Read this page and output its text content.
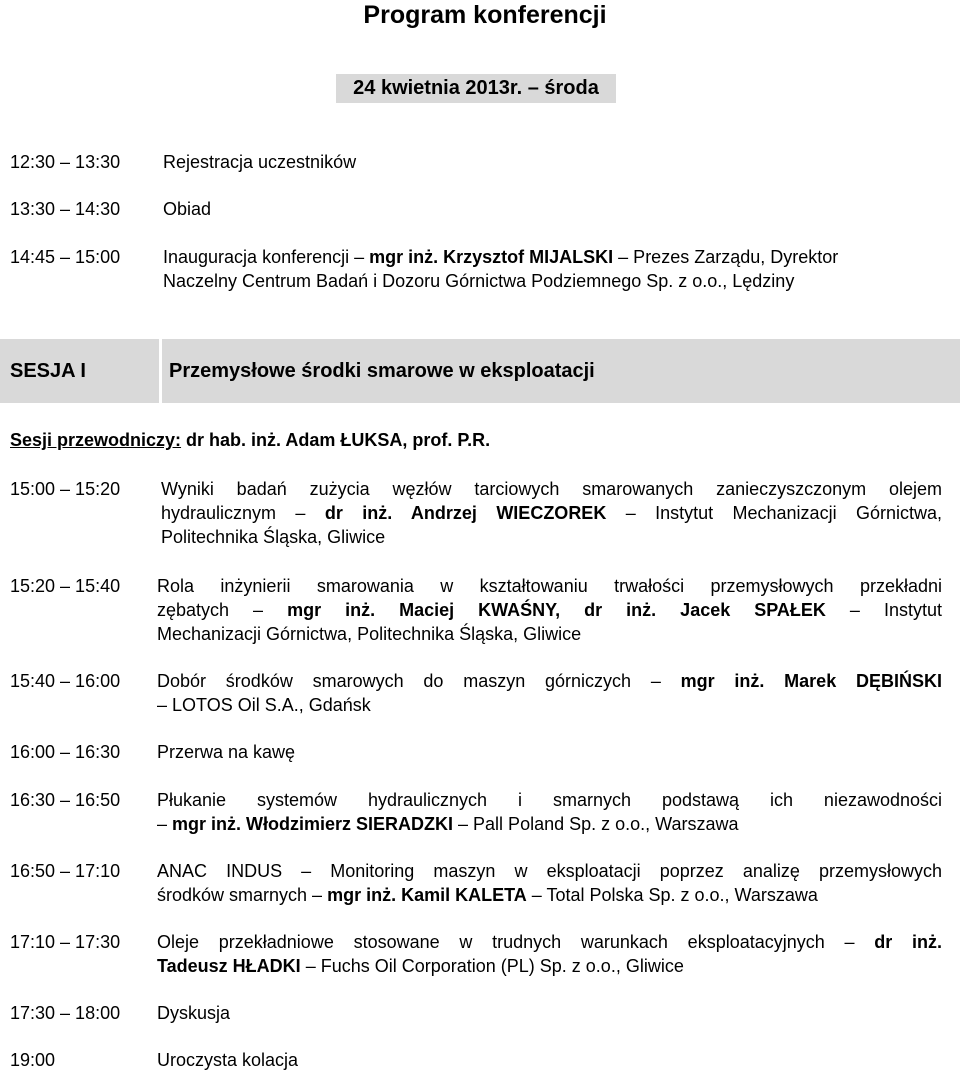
Program konferencji
24 kwietnia 2013r. – środa
12:30 – 13:30 Rejestracja uczestników
13:30 – 14:30 Obiad
14:45 – 15:00 Inauguracja konferencji – mgr inż. Krzysztof MIJALSKI – Prezes Zarządu, Dyrektor
Naczelny Centrum Badań i Dozoru Górnictwa Podziemnego Sp. z o.o., Lędziny
SESJA I	Przemysłowe środki smarowe w eksploatacji
Sesji przewodniczy: dr hab. inż. Adam ŁUKSA, prof. P.R.
15:00 – 15:20 Wyniki badań zużycia węzłów tarciowych smarowanych zanieczyszczonym olejem
hydraulicznym – dr inż. Andrzej WIECZOREK – Instytut Mechanizacji Górnictwa,
Politechnika Śląska, Gliwice
15:20 – 15:40 Rola inżynierii smarowania w kształtowaniu trwałości przemysłowych przekładni
zębatych – mgr inż. Maciej KWAŚNY, dr inż. Jacek SPAŁEK – Instytut
Mechanizacji Górnictwa, Politechnika Śląska, Gliwice
15:40 – 16:00 Dobór środków smarowych do maszyn górniczych – mgr inż. Marek DĘBIŃSKI
– LOTOS Oil S.A., Gdańsk
16:00 – 16:30 Przerwa na kawę
16:30 – 16:50 Płukanie systemów hydraulicznych i smarnych podstawą ich niezawodności
– mgr inż. Włodzimierz SIERADZKI – Pall Poland Sp. z o.o., Warszawa
16:50 – 17:10 ANAC INDUS – Monitoring maszyn w eksploatacji poprzez analizę przemysłowych
środków smarnych – mgr inż. Kamil KALETA – Total Polska Sp. z o.o., Warszawa
17:10 – 17:30 Oleje przekładniowe stosowane w trudnych warunkach eksploatacyjnych – dr inż.
Tadeusz HŁADKI – Fuchs Oil Corporation (PL) Sp. z o.o., Gliwice
17:30 – 18:00 Dyskusja
19:00	Uroczysta kolacja
